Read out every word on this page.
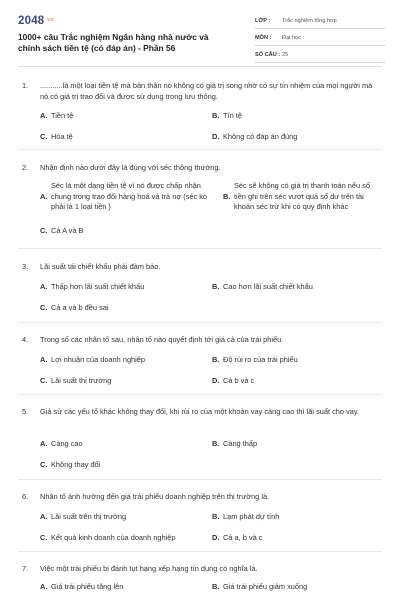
2048.vn
1000+ câu Trắc nghiệm Ngân hàng nhà nước và chính sách tiền tệ (có đáp án) - Phần 56
LỚP :	Trắc nghiệm tổng hợp
MÔN :	Đại học
SỐ CÂU : 25
1.	...........là một loại tiền tệ mà bản thân nó không có giá trị song nhờ có sự tín nhiệm của mọi người mà nó có giá trị trao đổi và được sử dụng trong lưu thông.
A. Tiền tệ	B. Tín tệ
C. Hóa tệ	D. Không có đáp án đúng
2.	Nhận định nào dưới đây là đúng với séc thông thường.
A.
Séc là một dạng tiền tệ vì nó được chấp nhận chung trong trao đổi hàng hoá và trả nợ (séc ko phải là 1 loại tiền }
B.
Séc sẽ không có giá trị thanh toán nếu số tiền ghi trên séc vượt quá số dư trên tài khoản séc trừ khi có quy định khác
C. Cả A và B
3.	Lãi suất tái chiết khấu phải đảm bảo.
A. Thấp hơn lãi suất chiết khấu	B. Cao hơn lãi suất chiết khấu
C. Cả a và b đều sai
4.	Trong số các nhân tố sau, nhân tố nào quyết định tới giá cả của trái phiếu.
A. Lợi nhuận của doanh nghiệp	B. Độ rủi ro của trái phiếu
C. Lãi suất thị trường	D. Cả b và c
5.	Giả sử các yếu tố khác không thay đổi, khi rủi ro của một khoản vay càng cao thì lãi suất cho vay.
A. Càng cao	B. Càng thấp
C. Không thay đổi
6.	Nhân tố ảnh hưởng đến giá trái phiếu doanh nghiệp trên thị trường là.
A. Lãi suất trên thị trường	B. Lạm phát dự tính
C. Kết quả kinh doanh của doanh nghiệp	D. Cả a, b và c
7.	Việc một trái phiếu bị đánh tụt hạng xếp hạng tín dụng có nghĩa là.
A. Giá trái phiếu tăng lên	B. Giá trái phiếu giảm xuống
